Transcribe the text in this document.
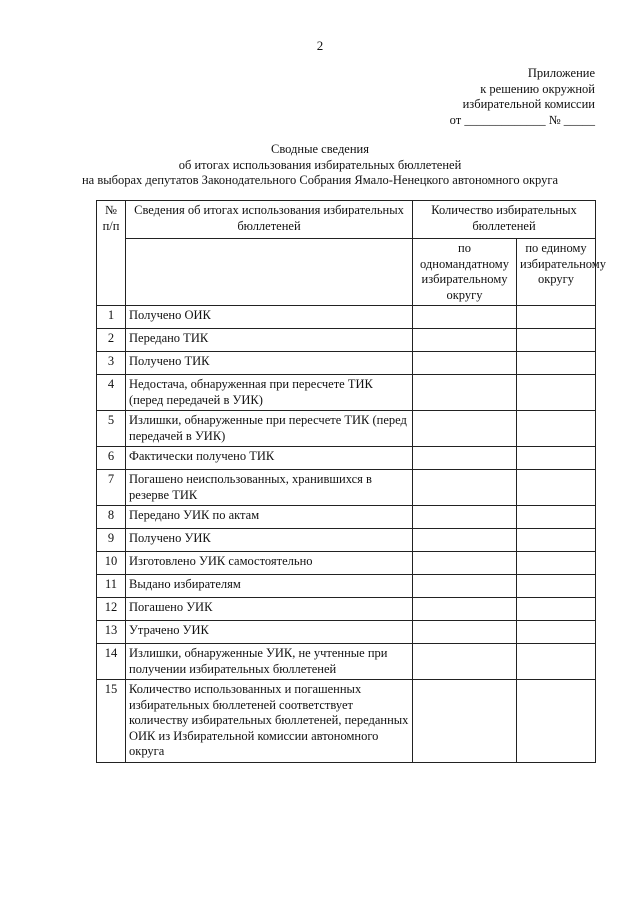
2
Приложение
к решению окружной
избирательной комиссии
от _____________ № _____
Сводные сведения
об итогах использования избирательных бюллетеней
на выборах депутатов Законодательного Собрания Ямало-Ненецкого автономного округа
№ п/п	Сведения об итогах использования избирательных бюллетеней	Количество избирательных бюллетеней	
		по одномандатному избирательному округу	по единому избирательному округу
1	Получено ОИК		
2	Передано ТИК		
3	Получено ТИК		
4	Недостача, обнаруженная при пересчете ТИК (перед передачей в УИК)		
5	Излишки, обнаруженные при пересчете ТИК (перед передачей в УИК)		
6	Фактически получено ТИК		
7	Погашено неиспользованных, хранившихся в резерве ТИК		
8	Передано УИК по актам		
9	Получено УИК		
10	Изготовлено УИК самостоятельно		
11	Выдано избирателям		
12	Погашено УИК		
13	Утрачено УИК		
14	Излишки, обнаруженные УИК, не учтенные при получении избирательных бюллетеней		
15	Количество использованных и погашенных избирательных бюллетеней соответствует количеству избирательных бюллетеней, переданных ОИК из Избирательной комиссии автономного округа		
